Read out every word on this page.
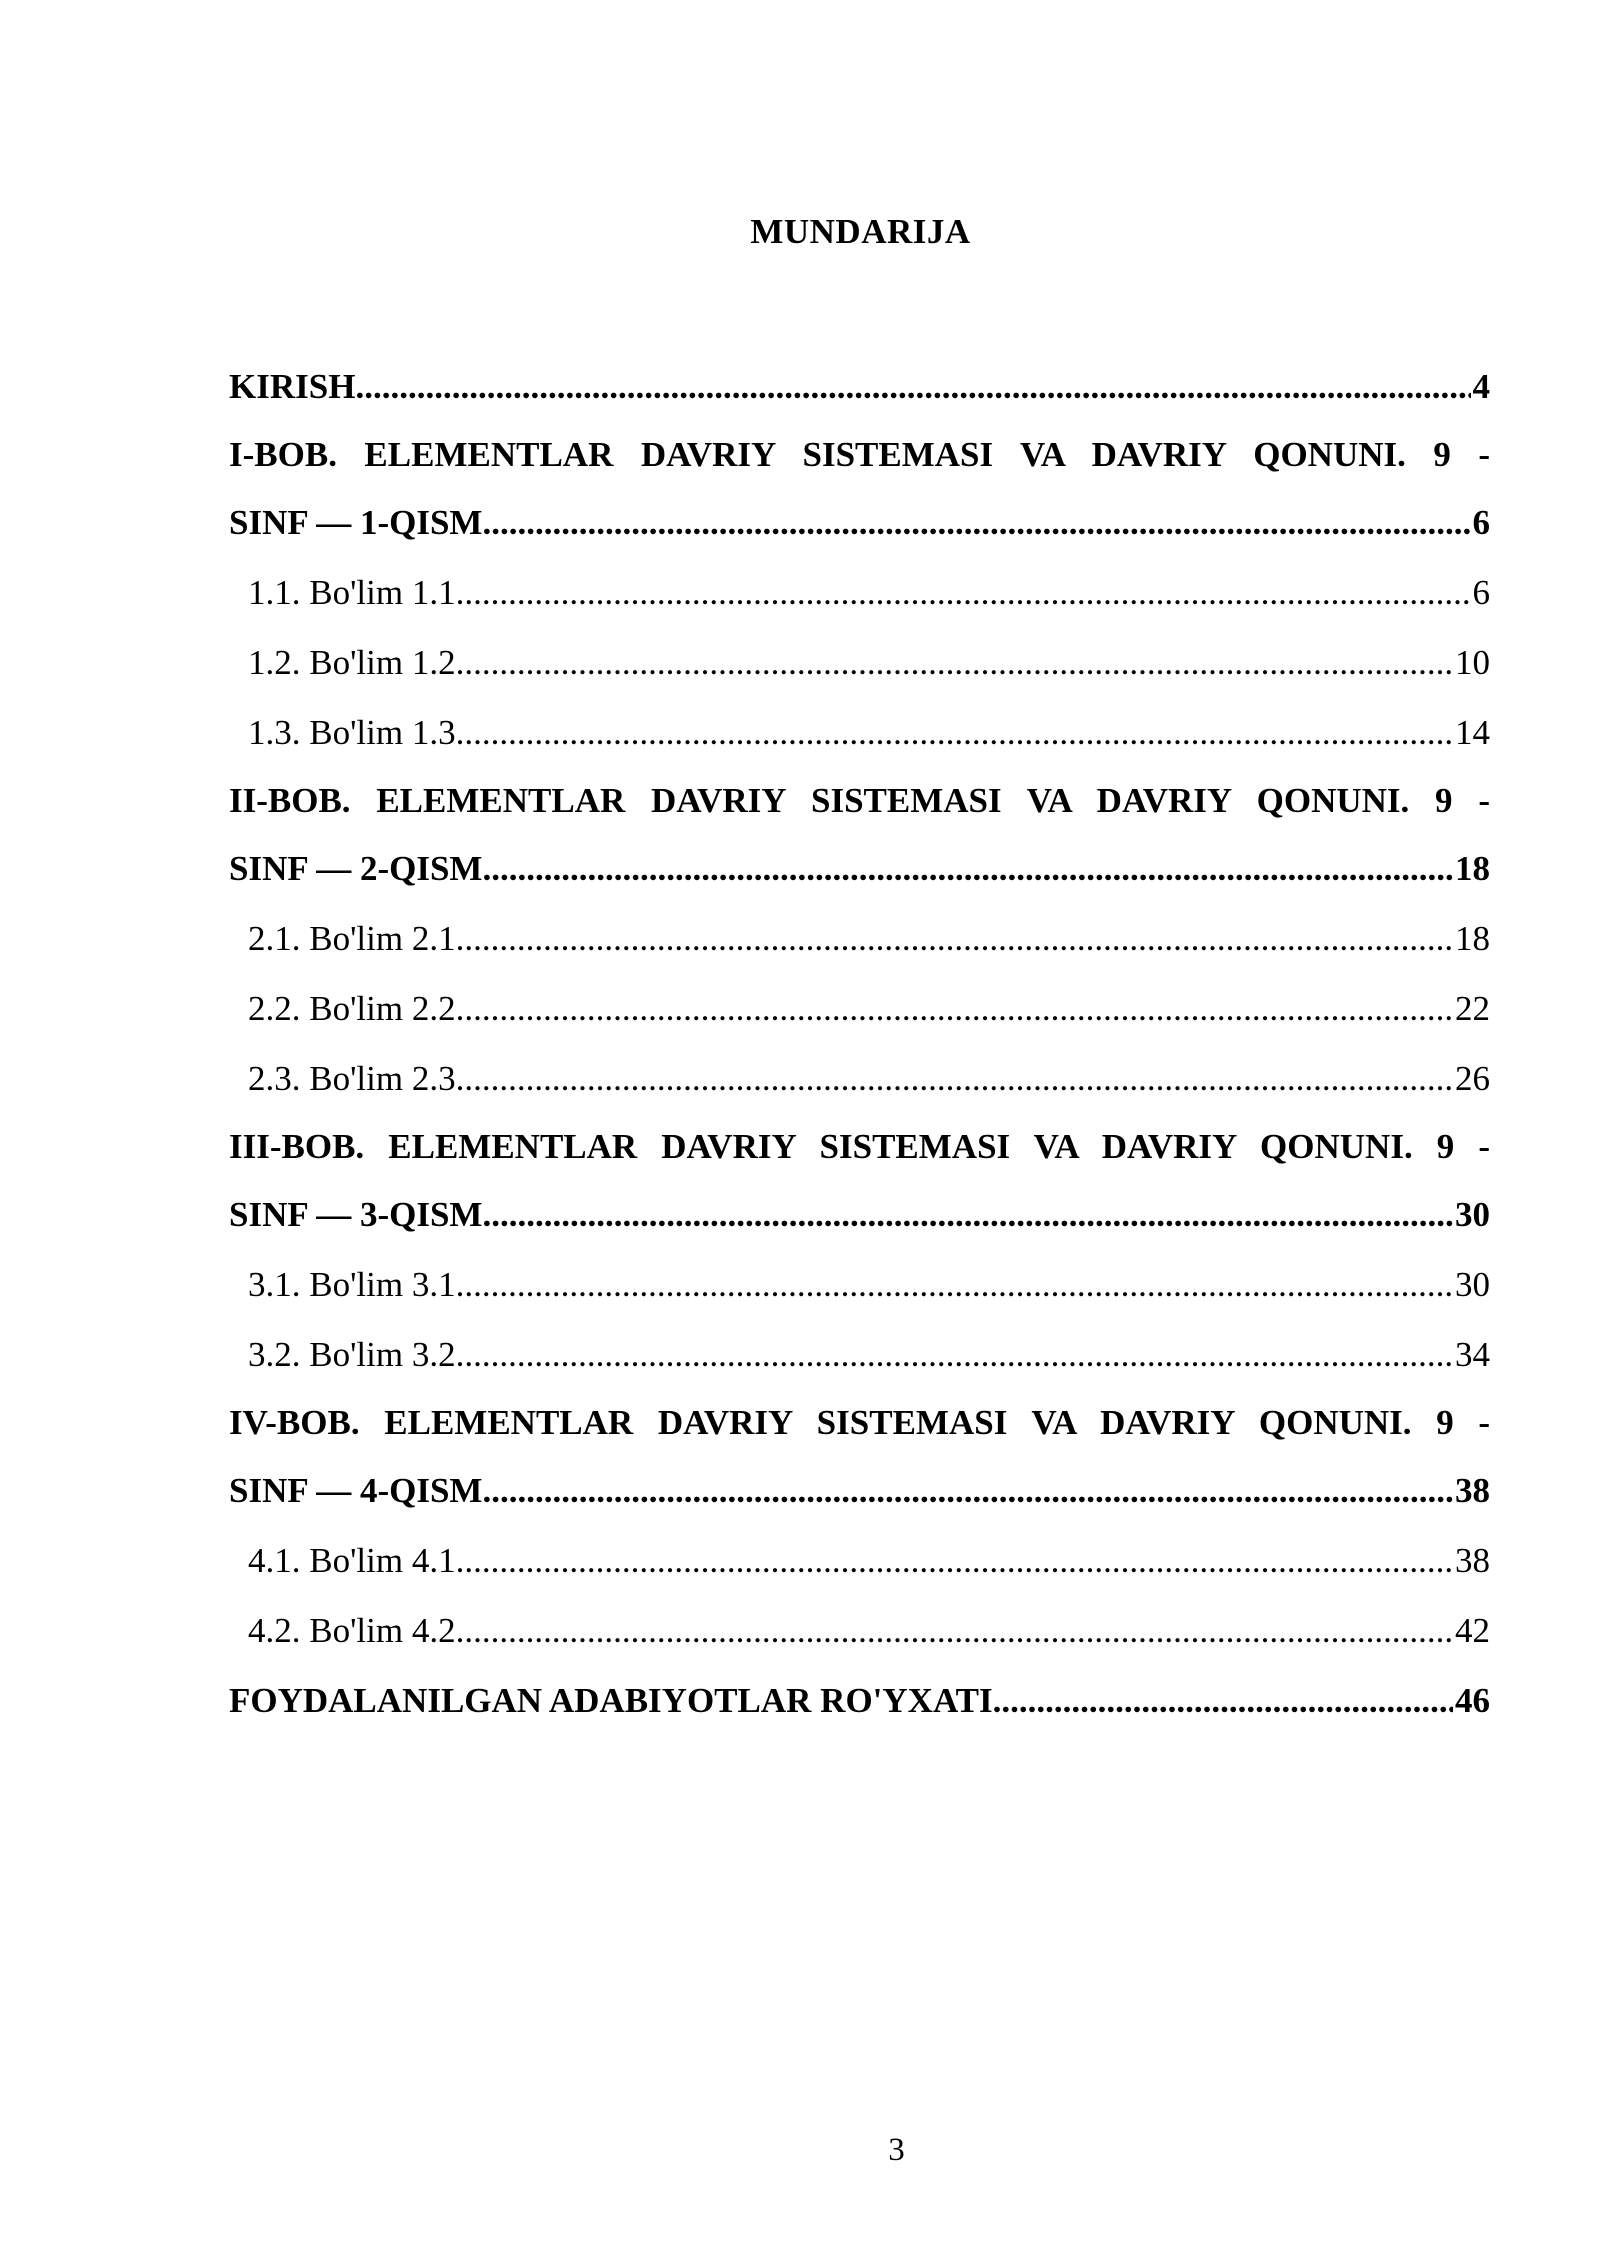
MUNDARIJA
KIRISH .....	4
I-BOB. ELEMENTLAR DAVRIY SISTEMASI VA DAVRIY QONUNI. 9 -
SINF — 1-QISM .....	6
1.1. Bo'lim 1.1 .....	6
1.2. Bo'lim 1.2 .....	10
1.3. Bo'lim 1.3 .....	14
II-BOB. ELEMENTLAR DAVRIY SISTEMASI VA DAVRIY QONUNI. 9 -
SINF — 2-QISM .....	18
2.1. Bo'lim 2.1 .....	18
2.2. Bo'lim 2.2 .....	22
2.3. Bo'lim 2.3 .....	26
III-BOB. ELEMENTLAR DAVRIY SISTEMASI VA DAVRIY QONUNI. 9 -
SINF — 3-QISM .....	30
3.1. Bo'lim 3.1 .....	30
3.2. Bo'lim 3.2 .....	34
IV-BOB. ELEMENTLAR DAVRIY SISTEMASI VA DAVRIY QONUNI. 9 -
SINF — 4-QISM .....	38
4.1. Bo'lim 4.1 .....	38
4.2. Bo'lim 4.2 .....	42
FOYDALANILGAN ADABIYOTLAR RO'YXATI .....	46
3
